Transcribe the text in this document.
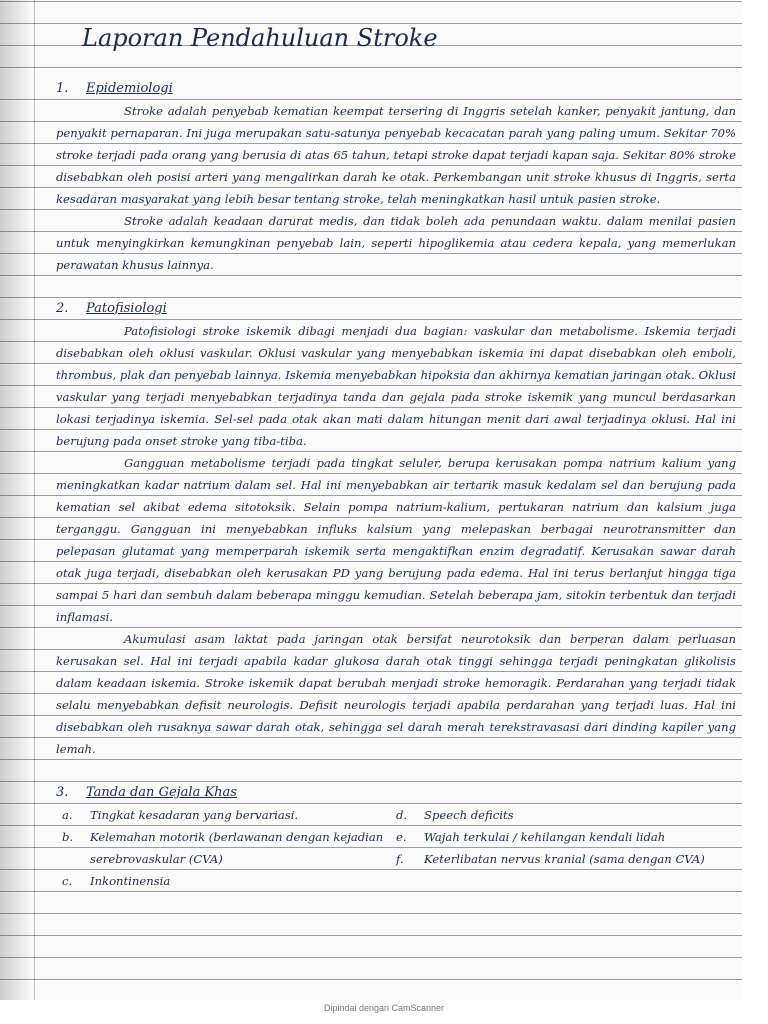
Laporan Pendahuluan Stroke
1.	Epidemiologi

Stroke adalah penyebab kematian keempat tersering di Inggris setelah kanker, penyakit jantung, dan penyakit pernaparan. Ini juga merupakan satu-satunya penyebab kecacatan parah yang paling umum. Sekitar 70% stroke terjadi pada orang yang berusia di atas 65 tahun, tetapi stroke dapat terjadi kapan saja. Sekitar 80% stroke disebabkan oleh posisi arteri yang mengalirkan darah ke otak. Perkembangan unit stroke khusus di Inggris, serta kesadaran masyarakat yang lebih besar tentang stroke, telah meningkatkan hasil untuk pasien stroke.

Stroke adalah keadaan darurat medis, dan tidak boleh ada penundaan waktu. dalam menilai pasien untuk menyingkirkan kemungkinan penyebab lain, seperti hipoglikemia atau cedera kepala, yang memerlukan perawatan khusus lainnya.

2.	Patofisiologi

Patofisiologi stroke iskemik dibagi menjadi dua bagian: vaskular dan metabolisme. Iskemia terjadi disebabkan oleh oklusi vaskular. Oklusi vaskular yang menyebabkan iskemia ini dapat disebabkan oleh emboli, thrombus, plak dan penyebab lainnya. Iskemia menyebabkan hipoksia dan akhirnya kematian jaringan otak. Oklusi vaskular yang terjadi menyebabkan terjadinya tanda dan gejala pada stroke iskemik yang muncul berdasarkan lokasi terjadinya iskemia. Sel-sel pada otak akan mati dalam hitungan menit dari awal terjadinya oklusi. Hal ini berujung pada onset stroke yang tiba-tiba.

Gangguan metabolisme terjadi pada tingkat seluler, berupa kerusakan pompa natrium kalium yang meningkatkan kadar natrium dalam sel. Hal ini menyebabkan air tertarik masuk kedalam sel dan berujung pada kematian sel akibat edema sitotoksik. Selain pompa natrium-kalium, pertukaran natrium dan kalsium juga terganggu. Gangguan ini menyebabkan influks kalsium yang melepaskan berbagai neurotransmitter dan pelepasan glutamat yang memperparah iskemik serta mengaktifkan enzim degradatif. Kerusakan sawar darah otak juga terjadi, disebabkan oleh kerusakan PD yang berujung pada edema. Hal ini terus berlanjut hingga tiga sampai 5 hari dan sembuh dalam beberapa minggu kemudian. Setelah beberapa jam, sitokin terbentuk dan terjadi inflamasi.

Akumulasi asam laktat pada jaringan otak bersifat neurotoksik dan berperan dalam perluasan kerusakan sel. Hal ini terjadi apabila kadar glukosa darah otak tinggi sehingga terjadi peningkatan glikolisis dalam keadaan iskemia. Stroke iskemik dapat berubah menjadi stroke hemoragik. Perdarahan yang terjadi tidak selalu menyebabkan defisit neurologis. Defisit neurologis terjadi apabila perdarahan yang terjadi luas. Hal ini disebabkan oleh rusaknya sawar darah otak, sehingga sel darah merah terekstravasasi dari dinding kapiler yang lemah.

3.	Tanda dan Gejala Khas
a.	Tingkat kesadaran yang bervariasi.
b.	Kelemahan motorik (berlawanan dengan kejadian serebrovaskular (CVA)
c.	Inkontinensia
d.	Speech deficits
e.	Wajah terkulai / kehilangan kendali lidah
f.	Keterlibatan nervus kranial (sama dengan CVA)
Dipindai dengan CamScanner
